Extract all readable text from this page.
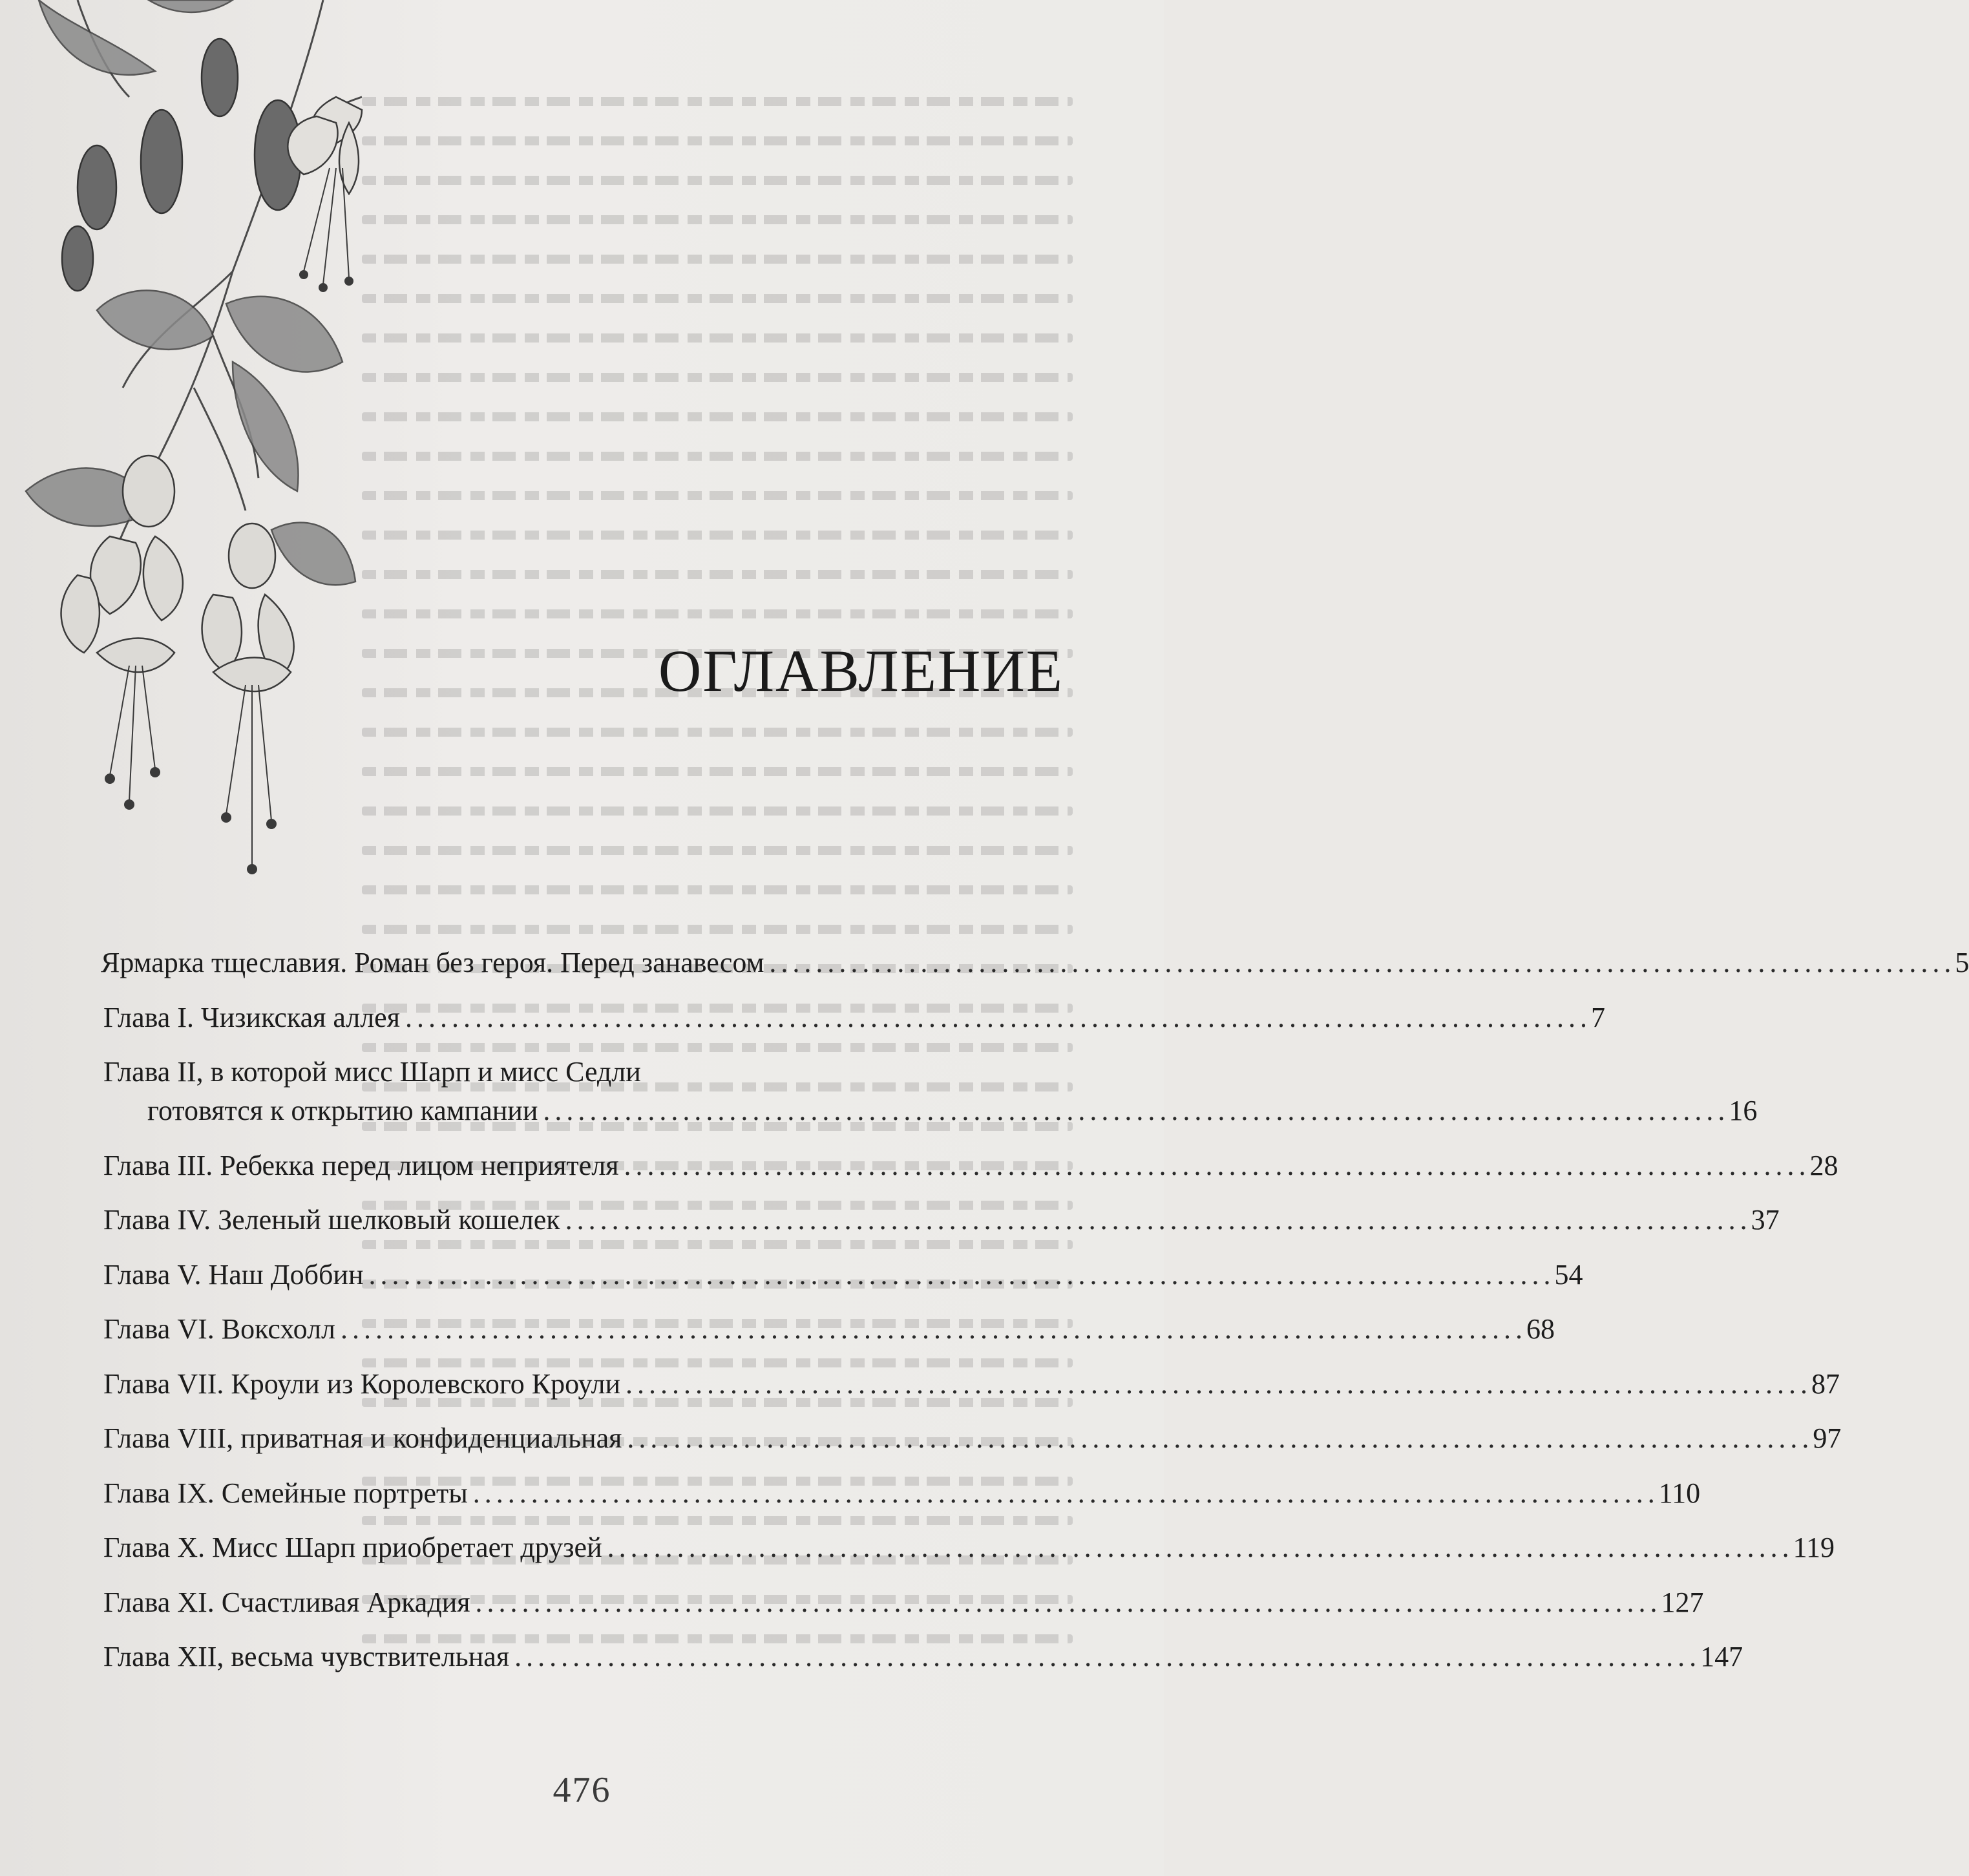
ОГЛАВЛЕНИЕ
Ярмарка тщеславия. Роман без героя. Перед занавесом . . .	5
Глава I. Чизикская аллея . . .	7
Глава II, в которой мисс Шарп и мисс Седли
готовятся к открытию кампании . . .	16
Глава III. Ребекка перед лицом неприятеля . . .	28
Глава IV. Зеленый шелковый кошелек . . .	37
Глава V. Наш Доббин . . .	54
Глава VI. Воксхолл . . .	68
Глава VII. Кроули из Королевского Кроули . . .	87
Глава VIII, приватная и конфиденциальная . . .	97
Глава IX. Семейные портреты . . .	110
Глава X. Мисс Шарп приобретает друзей . . .	119
Глава XI. Счастливая Аркадия . . .	127
Глава XII, весьма чувствительная . . .	147
476
